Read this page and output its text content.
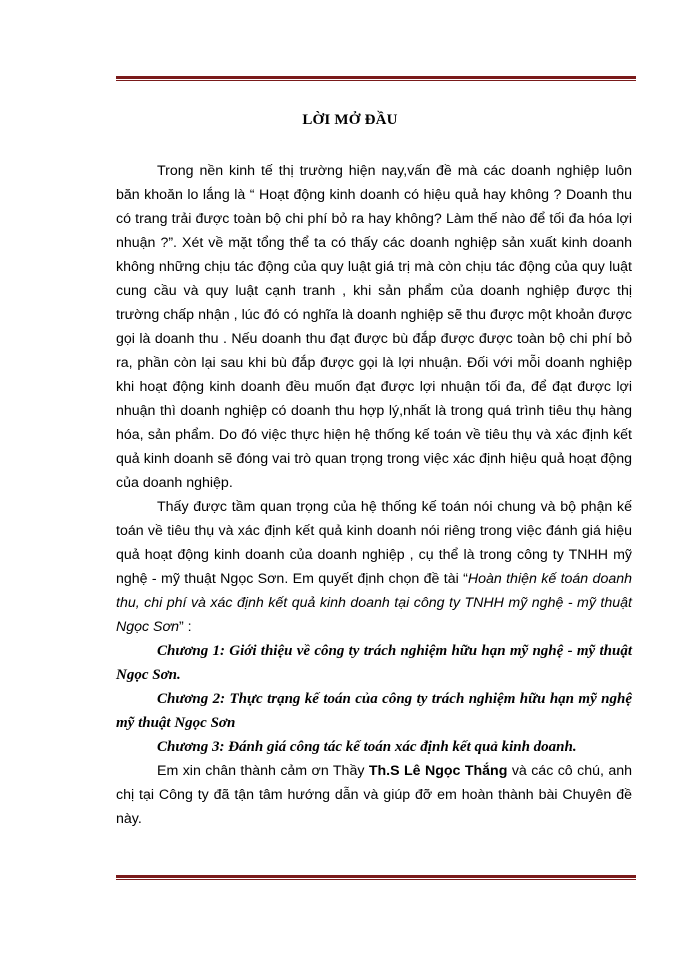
LỜI MỞ ĐẦU

Trong nền kinh tế thị trường hiện nay,vấn đề mà các doanh nghiệp luôn băn khoăn lo lắng là “ Hoạt động kinh doanh có hiệu quả hay không ? Doanh thu có trang trải được toàn bộ chi phí bỏ ra hay không? Làm thế nào để tối đa hóa lợi nhuận ?”. Xét về mặt tổng thể ta có thấy các doanh nghiệp sản xuất kinh doanh không những chịu tác động của quy luật giá trị mà còn chịu tác động của quy luật cung cầu và quy luật cạnh tranh , khi sản phẩm của doanh nghiệp được thị trường chấp nhận , lúc đó có nghĩa là doanh nghiệp sẽ thu được một khoản được gọi là doanh thu . Nếu doanh thu đạt được bù đắp được được toàn bộ chi phí bỏ ra, phần còn lại sau khi bù đắp được gọi là lợi nhuận. Đối với mỗi doanh nghiệp khi hoạt động kinh doanh đều muốn đạt được lợi nhuận tối đa, để đạt được lợi nhuận thì doanh nghiệp có doanh thu hợp lý,nhất là trong quá trình tiêu thụ hàng hóa, sản phẩm. Do đó việc thực hiện hệ thống kế toán về tiêu thụ và xác định kết quả kinh doanh sẽ đóng vai trò quan trọng trong việc xác định hiệu quả hoạt động của doanh nghiệp.

Thấy được tầm quan trọng của hệ thống kế toán nói chung và bộ phận kế toán về tiêu thụ và xác định kết quả kinh doanh nói riêng trong việc đánh giá hiệu quả hoạt động kinh doanh của doanh nghiệp , cụ thể là trong công ty TNHH mỹ nghệ - mỹ thuật Ngọc Sơn. Em quyết định chọn đề tài “Hoàn thiện kế toán doanh thu, chi phí và xác định kết quả kinh doanh tại công ty TNHH mỹ nghệ - mỹ thuật Ngọc Sơn” :

Chương 1: Giới thiệu về công ty trách nghiệm hữu hạn mỹ nghệ - mỹ thuật Ngọc Sơn.

Chương 2: Thực trạng kế toán của công ty trách nghiệm hữu hạn mỹ nghệ mỹ thuật Ngọc Sơn

Chương 3: Đánh giá công tác kế toán xác định kết quả kinh doanh.

Em xin chân thành cảm ơn Thầy Th.S Lê Ngọc Thắng và các cô chú, anh chị tại Công ty đã tận tâm hướng dẫn và giúp đỡ em hoàn thành bài Chuyên đề này.
